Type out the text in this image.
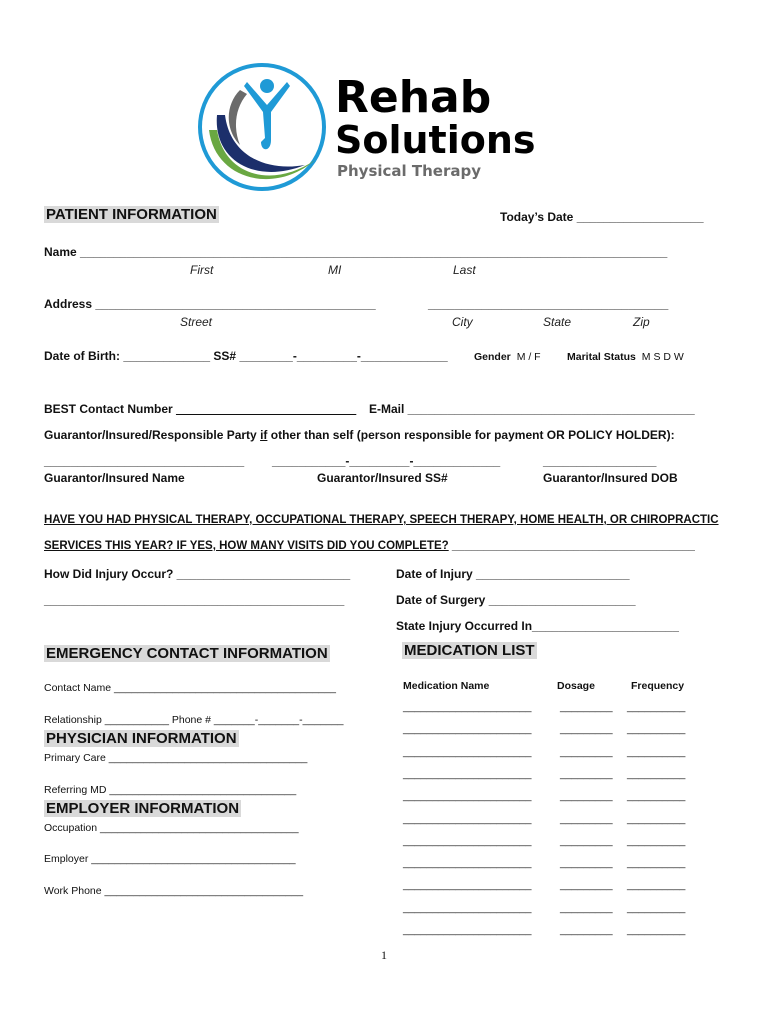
Rehab
Solutions
Physical Therapy
PATIENT INFORMATION	Today’s Date ___________________
Name ________________________________________________________________________________________
First	MI	Last
Address __________________________________________	____________________________________
Street	City	State	Zip
Date of Birth: _____________ SS# ________-_________-_____________	Gender M / F	Marital Status M S D W
BEST Contact Number ___________________________ E-Mail ___________________________________________
Guarantor/Insured/Responsible Party if other than self (person responsible for payment OR POLICY HOLDER):
______________________________ ___________-_________-_____________	_________________
Guarantor/Insured Name	Guarantor/Insured SS#	Guarantor/Insured DOB
HAVE YOU HAD PHYSICAL THERAPY, OCCUPATIONAL THERAPY, SPEECH THERAPY, HOME HEALTH, OR CHIROPRACTIC
SERVICES THIS YEAR? IF YES, HOW MANY VISITS DID YOU COMPLETE? ______________________________________
How Did Injury Occur? __________________________	Date of Injury _______________________
_____________________________________________	Date of Surgery ______________________
State Injury Occurred In______________________
EMERGENCY CONTACT INFORMATION
Contact Name ______________________________________
Relationship ___________ Phone # _______-_______-_______
PHYSICIAN INFORMATION
Primary Care __________________________________
Referring MD ________________________________
EMPLOYER INFORMATION
Occupation __________________________________
Employer ___________________________________
Work Phone __________________________________
MEDICATION LIST
Medication Name	Dosage	Frequency
______________________	_________ __________
______________________	_________ __________
______________________	_________ __________
______________________	_________ __________
______________________	_________ __________
______________________	_________ __________
______________________	_________ __________
______________________	_________ __________
______________________	_________ __________
______________________	_________ __________
______________________	_________ __________
1
